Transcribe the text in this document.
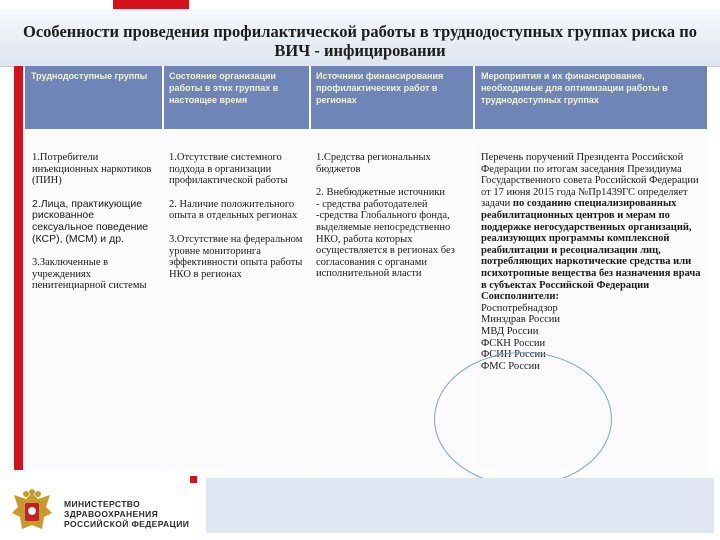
Особенности проведения профилактической работы в труднодоступных группах риска по ВИЧ - инфицировании
Труднодоступные группы	Состояние организации работы в этих группах в настоящее время
Источники финансирования профилактических работ в регионах
Мероприятия и их финансирование, необходимые для оптимизации работы в труднодоступных группах

1.Потребители инъекционных наркотиков (ПИН)

2.Лица, практикующие рискованное сексуальное поведение (КСР), (МСМ) и др.

3.Заключенные в учреждениях пенитенциарной системы

1.Отсутствие системного подхода в организации профилактической работы

2. Наличие положительного опыта в отдельных регионах

3.Отсутствие на федеральном уровне мониторинга эффективности опыта работы НКО в регионах

1.Средства региональных бюджетов

2. Внебюджетные источники

- средства работодателей

-средства Глобального фонда, выделяемые непосредственно НКО, работа которых осуществляется в регионах без согласования с органами исполнительной власти

Перечень поручений Президента Российской Федерации по итогам заседания Президиума Государственного совета Российской Федерации от 17 июня 2015 года №Пр1439ГС определяет задачи по созданию специализированных реабилитационных центров и мерам по поддержке негосударственных организаций, реализующих программы комплексной реабилитации и ресоциализации лиц, потребляющих наркотические средства или психотропные вещества без назначения врача в субъектах Российской Федерации

Соисполнители:

Роспотребнадзор

Минздрав России

МВД России

ФСКН России

ФСИН России

ФМС России

МИНИСТЕРСТВО
ЗДРАВООХРАНЕНИЯ
РОССИЙСКОЙ ФЕДЕРАЦИИ
